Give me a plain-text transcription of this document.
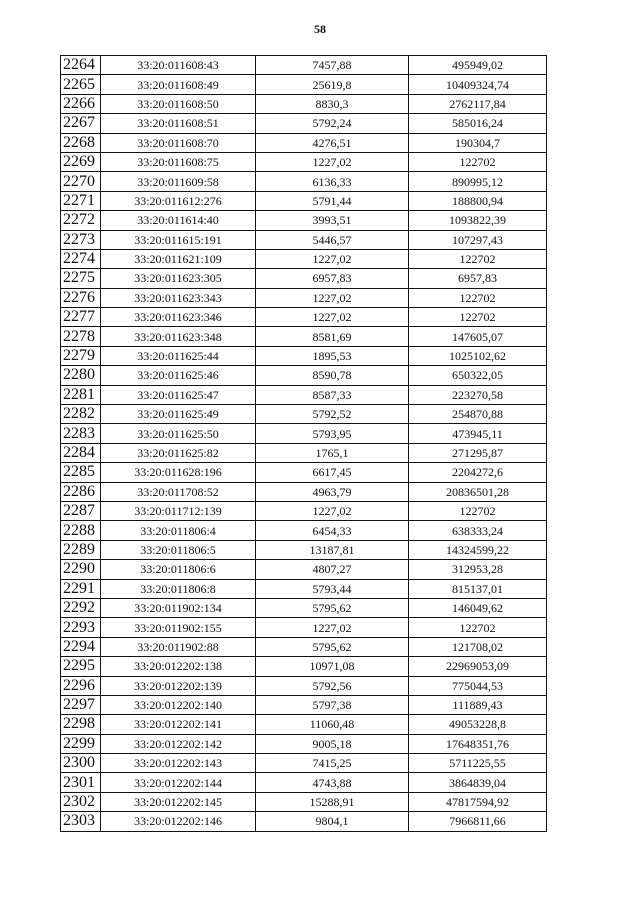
58
2264	33:20:011608:43	7457,88	495949,02
2265	33:20:011608:49	25619,8	10409324,74
2266	33:20:011608:50	8830,3	2762117,84
2267	33:20:011608:51	5792,24	585016,24
2268	33:20:011608:70	4276,51	190304,7
2269	33:20:011608:75	1227,02	122702
2270	33:20:011609:58	6136,33	890995,12
2271	33:20:011612:276	5791,44	188800,94
2272	33:20:011614:40	3993,51	1093822,39
2273	33:20:011615:191	5446,57	107297,43
2274	33:20:011621:109	1227,02	122702
2275	33:20:011623:305	6957,83	6957,83
2276	33:20:011623:343	1227,02	122702
2277	33:20:011623:346	1227,02	122702
2278	33:20:011623:348	8581,69	147605,07
2279	33:20:011625:44	1895,53	1025102,62
2280	33:20:011625:46	8590,78	650322,05
2281	33:20:011625:47	8587,33	223270,58
2282	33:20:011625:49	5792,52	254870,88
2283	33:20:011625:50	5793,95	473945,11
2284	33:20:011625:82	1765,1	271295,87
2285	33:20:011628:196	6617,45	2204272,6
2286	33:20:011708:52	4963,79	20836501,28
2287	33:20:011712:139	1227,02	122702
2288	33:20:011806:4	6454,33	638333,24
2289	33:20:011806:5	13187,81	14324599,22
2290	33:20:011806:6	4807,27	312953,28
2291	33:20:011806:8	5793,44	815137,01
2292	33:20:011902:134	5795,62	146049,62
2293	33:20:011902:155	1227,02	122702
2294	33:20:011902:88	5795,62	121708,02
2295	33:20:012202:138	10971,08	22969053,09
2296	33:20:012202:139	5792,56	775044,53
2297	33:20:012202:140	5797,38	111889,43
2298	33:20:012202:141	11060,48	49053228,8
2299	33:20:012202:142	9005,18	17648351,76
2300	33:20:012202:143	7415,25	5711225,55
2301	33:20:012202:144	4743,88	3864839,04
2302	33:20:012202:145	15288,91	47817594,92
2303	33:20:012202:146	9804,1	7966811,66
